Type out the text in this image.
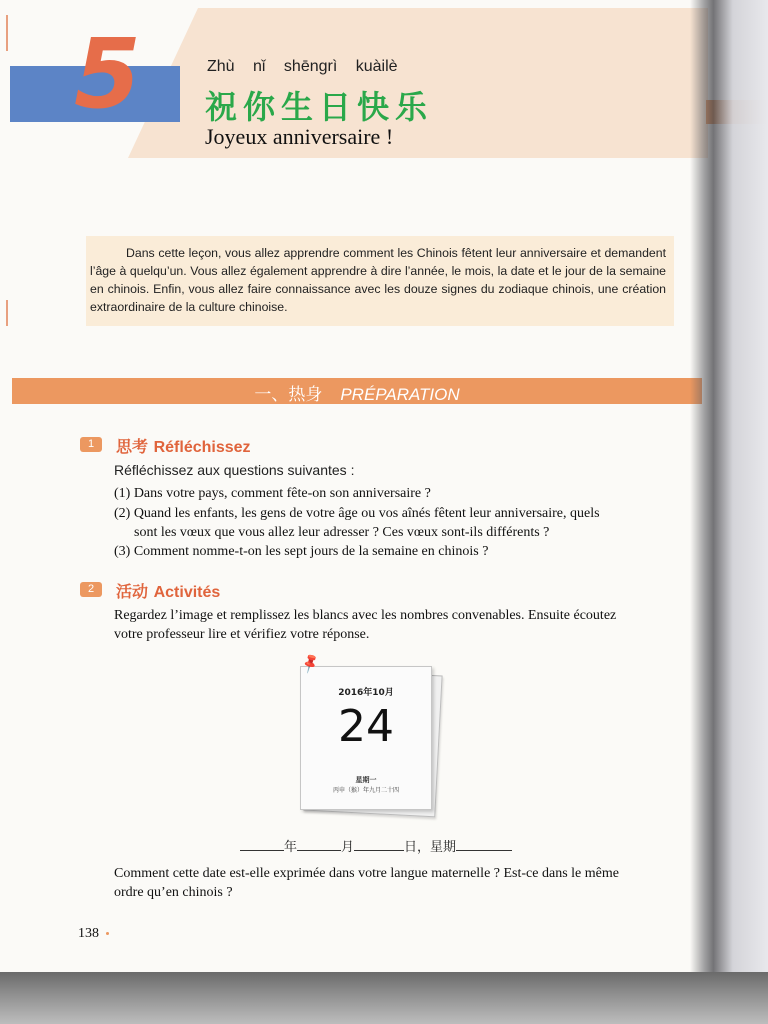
5	Zhù nǐ shēngrì kuàilè
祝你生日快乐
Joyeux anniversaire !
Dans cette leçon, vous allez apprendre comment les Chinois fêtent leur anniversaire et demandent l’âge à quelqu’un. Vous allez également apprendre à dire l’année, le mois, la date et le jour de la semaine en chinois. Enfin, vous allez faire connaissance avec les douze signes du zodiaque chinois, une création extraordinaire de la culture chinoise.
一、热身 PRÉPARATION
1	思考 Réfléchissez
Réfléchissez aux questions suivantes :
(1) Dans votre pays, comment fête-on son anniversaire ?
(2) Quand les enfants, les gens de votre âge ou vos aînés fêtent leur anniversaire, quels
sont les vœux que vous allez leur adresser ? Ces vœux sont-ils différents ?
(3) Comment nomme-t-on les sept jours de la semaine en chinois ?
2	活动 Activités
Regardez l’image et remplissez les blancs avec les nombres convenables. Ensuite écoutez
votre professeur lire et vérifiez votre réponse.
2016年10月
24
星期一
丙申（猴）年九月二十四
📌
年	月	日，星期
Comment cette date est-elle exprimée dans votre langue maternelle ? Est-ce dans le même
ordre qu’en chinois ?
138
